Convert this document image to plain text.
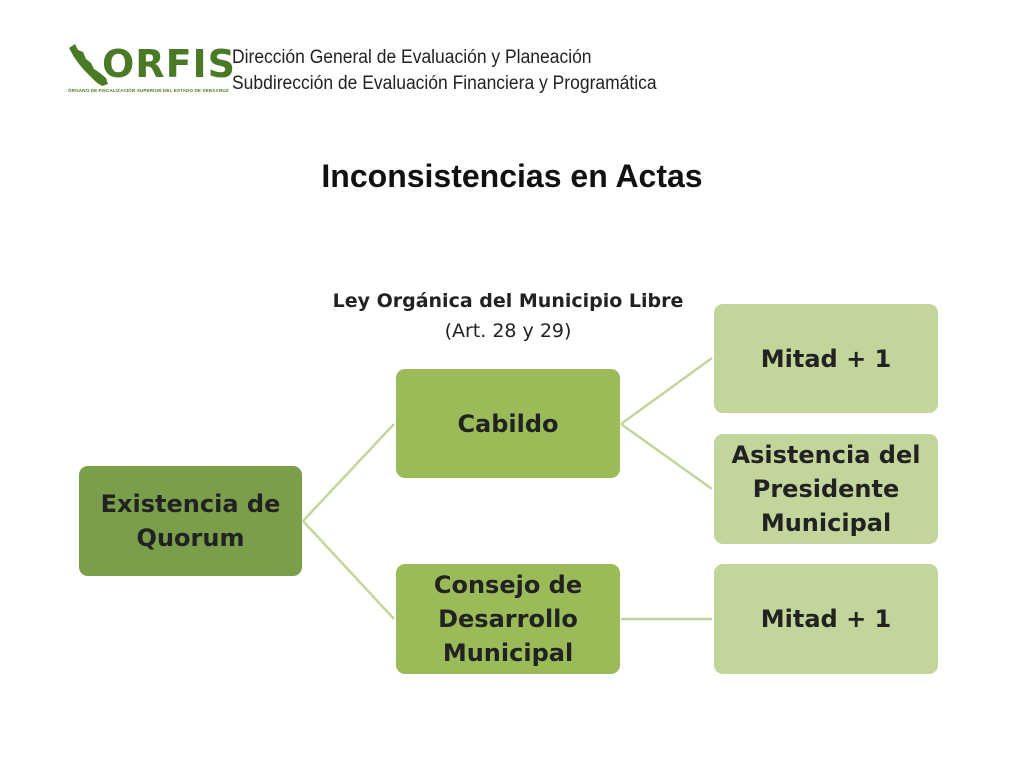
ORFIS
ÓRGANO DE FISCALIZACIÓN SUPERIOR DEL ESTADO DE VERACRUZ
Dirección General de Evaluación y Planeación
Subdirección de Evaluación Financiera y Programática
Inconsistencias en Actas
Ley Orgánica del Municipio Libre
(Art. 28 y 29)
Existencia de Quorum
Cabildo
Consejo de Desarrollo Municipal
Mitad + 1
Asistencia del Presidente Municipal
Mitad + 1
